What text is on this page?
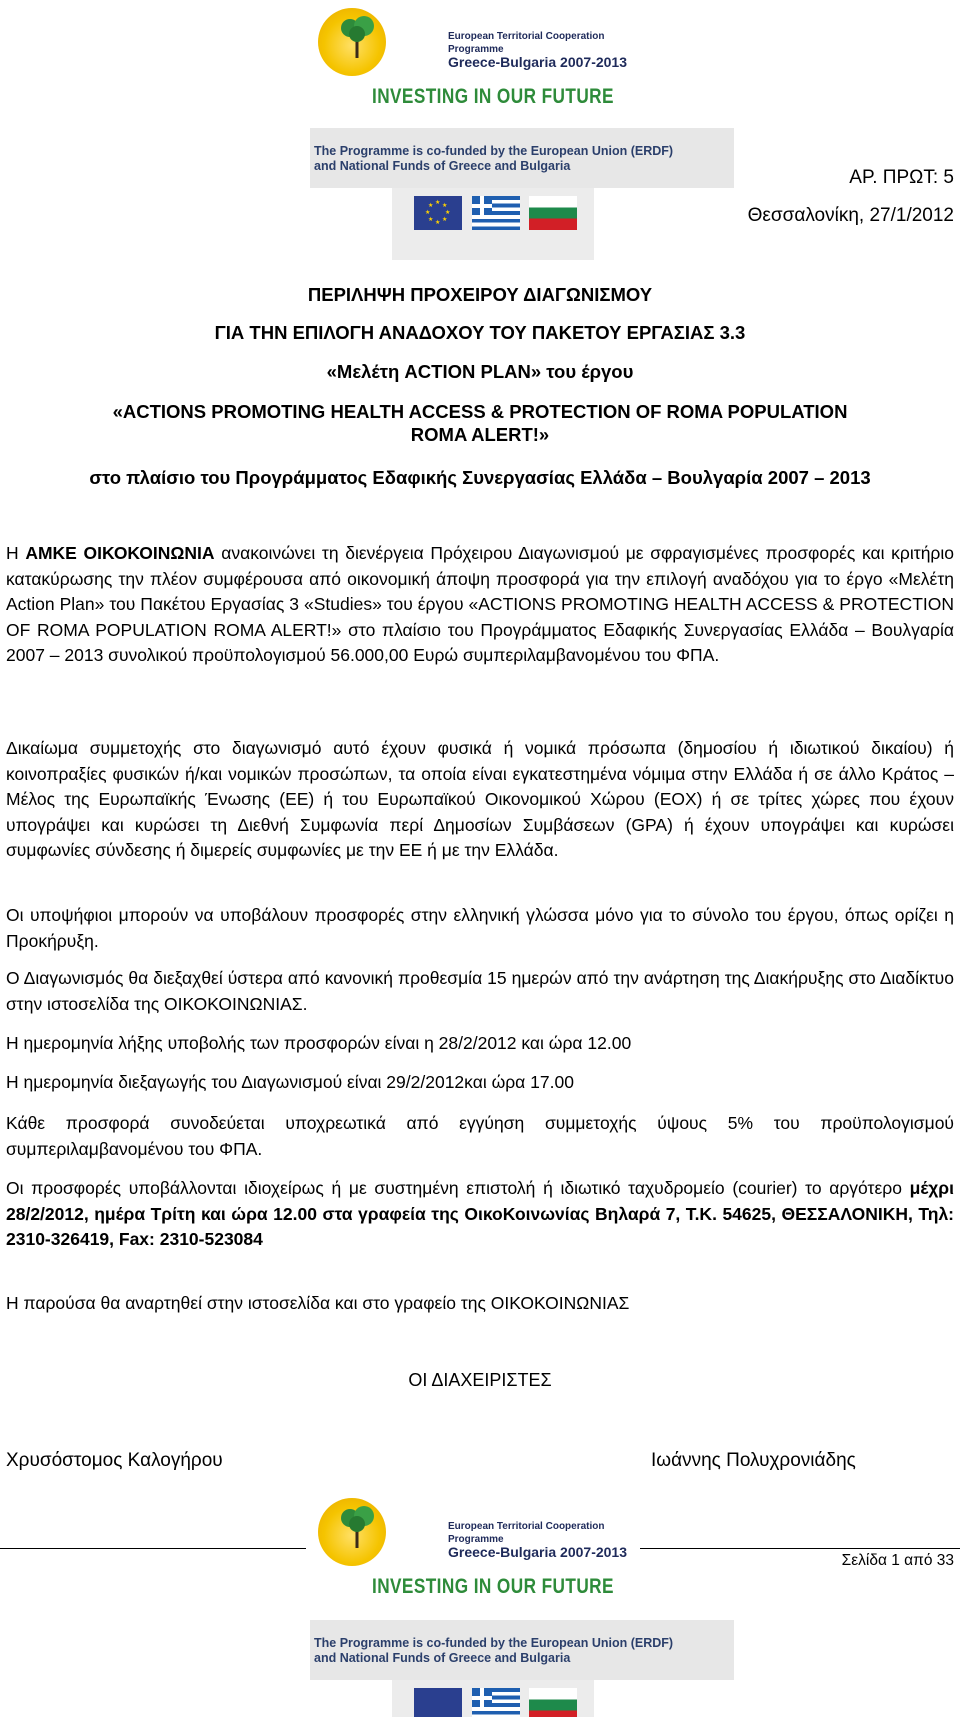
European Territorial Cooperation Programme
Greece-Bulgaria 2007-2013
INVESTING IN OUR FUTURE
The Programme is co-funded by the European Union (ERDF)
and National Funds of Greece and Bulgaria
★ ★
★
★
★
★
★
★
ΑΡ. ΠΡΩΤ: 5
Θεσσαλονίκη, 27/1/2012
ΠΕΡΙΛΗΨΗ ΠΡΟΧΕΙΡΟΥ ΔΙΑΓΩΝΙΣΜΟΥ
ΓΙΑ ΤΗΝ ΕΠΙΛΟΓΗ ΑΝΑΔΟΧΟΥ ΤΟΥ ΠΑΚΕΤΟΥ ΕΡΓΑΣΙΑΣ 3.3
«Μελέτη ACTION PLAN» του έργου
«ACTIONS PROMOTING HEALTH ACCESS & PROTECTION OF ROMA POPULATION
ROMA ALERT!»
στο πλαίσιο του Προγράμματος Εδαφικής Συνεργασίας Ελλάδα – Βουλγαρία 2007 – 2013
Η ΑΜΚΕ ΟΙΚΟΚΟΙΝΩΝΙΑ ανακοινώνει τη διενέργεια Πρόχειρου Διαγωνισμού με σφραγισμένες προσφορές και κριτήριο κατακύρωσης την πλέον συμφέρουσα από οικονομική άποψη προσφορά για την επιλογή αναδόχου για το έργο «Μελέτη Action Plan» του Πακέτου Εργασίας 3 «Studies» του έργου «ACTIONS PROMOTING HEALTH ACCESS & PROTECTION OF ROMA POPULATION ROMA ALERT!» στο πλαίσιο του Προγράμματος Εδαφικής Συνεργασίας Ελλάδα – Βουλγαρία 2007 – 2013 συνολικού προϋπολογισμού 56.000,00 Ευρώ συμπεριλαμβανομένου του ΦΠΑ.
Δικαίωμα συμμετοχής στο διαγωνισμό αυτό έχουν φυσικά ή νομικά πρόσωπα (δημοσίου ή ιδιωτικού δικαίου) ή κοινοπραξίες φυσικών ή/και νομικών προσώπων, τα οποία είναι εγκατεστημένα νόμιμα στην Ελλάδα ή σε άλλο Κράτος – Μέλος της Ευρωπαϊκής Ένωσης (ΕΕ) ή του Ευρωπαϊκού Οικονομικού Χώρου (ΕΟΧ) ή σε τρίτες χώρες που έχουν υπογράψει και κυρώσει τη Διεθνή Συμφωνία περί Δημοσίων Συμβάσεων (GPA) ή έχουν υπογράψει και κυρώσει συμφωνίες σύνδεσης ή διμερείς συμφωνίες με την ΕΕ ή με την Ελλάδα.
Οι υποψήφιοι μπορούν να υποβάλουν προσφορές στην ελληνική γλώσσα μόνο για το σύνολο του έργου, όπως ορίζει η Προκήρυξη.
Ο Διαγωνισμός θα διεξαχθεί ύστερα από κανονική προθεσμία 15 ημερών από την ανάρτηση της Διακήρυξης στο Διαδίκτυο στην ιστοσελίδα της ΟΙΚΟΚΟΙΝΩΝΙΑΣ.
Η ημερομηνία λήξης υποβολής των προσφορών είναι η 28/2/2012 και ώρα 12.00
Η ημερομηνία διεξαγωγής του Διαγωνισμού είναι 29/2/2012και ώρα 17.00
Κάθε προσφορά συνοδεύεται υποχρεωτικά από εγγύηση συμμετοχής ύψους 5% του προϋπολογισμού συμπεριλαμβανομένου του ΦΠΑ.
Οι προσφορές υποβάλλονται ιδιοχείρως ή με συστημένη επιστολή ή ιδιωτικό ταχυδρομείο (courier) το αργότερο μέχρι 28/2/2012, ημέρα Τρίτη και ώρα 12.00 στα γραφεία της ΟικοΚοινωνίας Βηλαρά 7, Τ.Κ. 54625, ΘΕΣΣΑΛΟΝΙΚΗ, Τηλ: 2310-326419, Fax: 2310-523084
Η παρούσα θα αναρτηθεί στην ιστοσελίδα και στο γραφείο της ΟΙΚΟΚΟΙΝΩΝΙΑΣ
ΟΙ ΔΙΑΧΕΙΡΙΣΤΕΣ
Χρυσόστομος Καλογήρου	Ιωάννης Πολυχρονιάδης
Σελίδα 1 από 33
European Territorial Cooperation Programme
Greece-Bulgaria 2007-2013
INVESTING IN OUR FUTURE
The Programme is co-funded by the European Union (ERDF)
and National Funds of Greece and Bulgaria
